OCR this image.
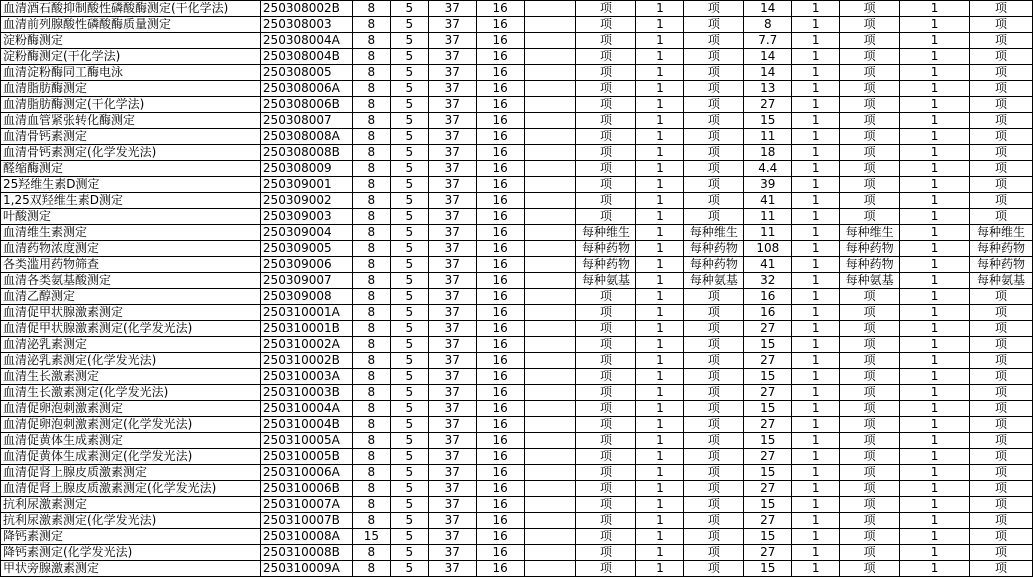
血清酒石酸抑制酸性磷酸酶测定(干化学法)	250308002B	8	5	37	16		项	1	项	14	1	项	1	项
血清前列腺酸性磷酸酶质量测定	250308003	8	5	37	16		项	1	项	8	1	项	1	项
淀粉酶测定	250308004A	8	5	37	16		项	1	项	7.7	1	项	1	项
淀粉酶测定(干化学法)	250308004B	8	5	37	16		项	1	项	14	1	项	1	项
血清淀粉酶同工酶电泳	250308005	8	5	37	16		项	1	项	14	1	项	1	项
血清脂肪酶测定	250308006A	8	5	37	16		项	1	项	13	1	项	1	项
血清脂肪酶测定(干化学法)	250308006B	8	5	37	16		项	1	项	27	1	项	1	项
血清血管紧张转化酶测定	250308007	8	5	37	16		项	1	项	15	1	项	1	项
血清骨钙素测定	250308008A	8	5	37	16		项	1	项	11	1	项	1	项
血清骨钙素测定(化学发光法)	250308008B	8	5	37	16		项	1	项	18	1	项	1	项
醛缩酶测定	250308009	8	5	37	16		项	1	项	4.4	1	项	1	项
25羟维生素D测定	250309001	8	5	37	16		项	1	项	39	1	项	1	项
1,25双羟维生素D测定	250309002	8	5	37	16		项	1	项	41	1	项	1	项
叶酸测定	250309003	8	5	37	16		项	1	项	11	1	项	1	项
血清维生素测定	250309004	8	5	37	16		每种维生	1	每种维生	11	1	每种维生	1	每种维生
血清药物浓度测定	250309005	8	5	37	16		每种药物	1	每种药物	108	1	每种药物	1	每种药物
各类滥用药物筛查	250309006	8	5	37	16		每种药物	1	每种药物	41	1	每种药物	1	每种药物
血清各类氨基酸测定	250309007	8	5	37	16		每种氨基	1	每种氨基	32	1	每种氨基	1	每种氨基
血清乙醇测定	250309008	8	5	37	16		项	1	项	16	1	项	1	项
血清促甲状腺激素测定	250310001A	8	5	37	16		项	1	项	16	1	项	1	项
血清促甲状腺激素测定(化学发光法)	250310001B	8	5	37	16		项	1	项	27	1	项	1	项
血清泌乳素测定	250310002A	8	5	37	16		项	1	项	15	1	项	1	项
血清泌乳素测定(化学发光法)	250310002B	8	5	37	16		项	1	项	27	1	项	1	项
血清生长激素测定	250310003A	8	5	37	16		项	1	项	15	1	项	1	项
血清生长激素测定(化学发光法)	250310003B	8	5	37	16		项	1	项	27	1	项	1	项
血清促卵泡刺激素测定	250310004A	8	5	37	16		项	1	项	15	1	项	1	项
血清促卵泡刺激素测定(化学发光法)	250310004B	8	5	37	16		项	1	项	27	1	项	1	项
血清促黄体生成素测定	250310005A	8	5	37	16		项	1	项	15	1	项	1	项
血清促黄体生成素测定(化学发光法)	250310005B	8	5	37	16		项	1	项	27	1	项	1	项
血清促肾上腺皮质激素测定	250310006A	8	5	37	16		项	1	项	15	1	项	1	项
血清促肾上腺皮质激素测定(化学发光法)	250310006B	8	5	37	16		项	1	项	27	1	项	1	项
抗利尿激素测定	250310007A	8	5	37	16		项	1	项	15	1	项	1	项
抗利尿激素测定(化学发光法)	250310007B	8	5	37	16		项	1	项	27	1	项	1	项
降钙素测定	250310008A	15	5	37	16		项	1	项	15	1	项	1	项
降钙素测定(化学发光法)	250310008B	8	5	37	16		项	1	项	27	1	项	1	项
甲状旁腺激素测定	250310009A	8	5	37	16		项	1	项	15	1	项	1	项
